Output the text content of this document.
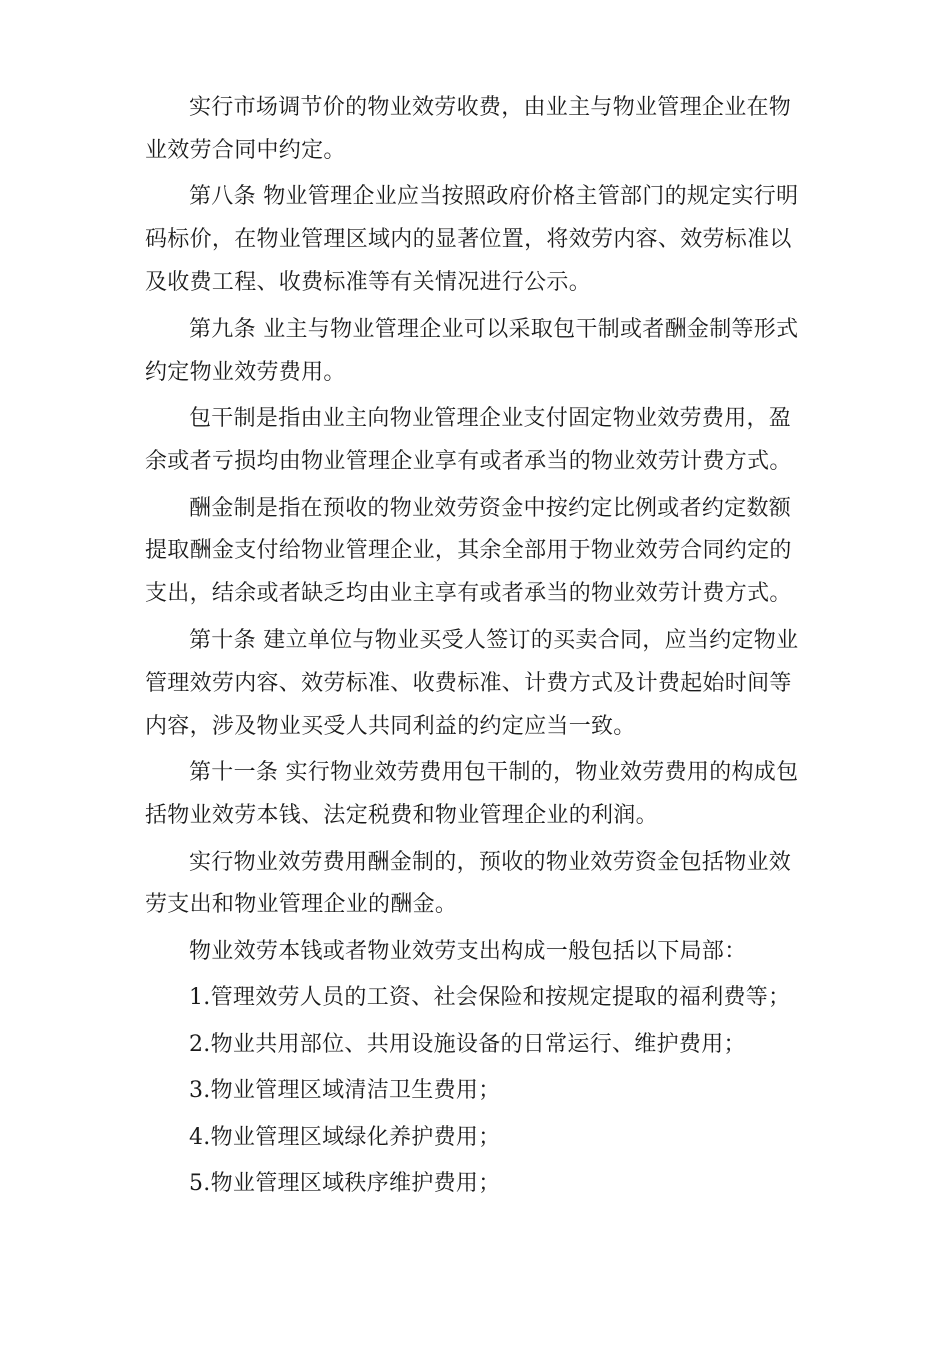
实行市场调节价的物业效劳收费，由业主与物业管理企业在物
业效劳合同中约定。

第八条 物业管理企业应当按照政府价格主管部门的规定实行明
码标价，在物业管理区域内的显著位置，将效劳内容、效劳标准以
及收费工程、收费标准等有关情况进行公示。

第九条 业主与物业管理企业可以采取包干制或者酬金制等形式
约定物业效劳费用。

包干制是指由业主向物业管理企业支付固定物业效劳费用，盈
余或者亏损均由物业管理企业享有或者承当的物业效劳计费方式。

酬金制是指在预收的物业效劳资金中按约定比例或者约定数额
提取酬金支付给物业管理企业，其余全部用于物业效劳合同约定的
支出，结余或者缺乏均由业主享有或者承当的物业效劳计费方式。

第十条 建立单位与物业买受人签订的买卖合同，应当约定物业
管理效劳内容、效劳标准、收费标准、计费方式及计费起始时间等
内容，涉及物业买受人共同利益的约定应当一致。

第十一条 实行物业效劳费用包干制的，物业效劳费用的构成包
括物业效劳本钱、法定税费和物业管理企业的利润。

实行物业效劳费用酬金制的，预收的物业效劳资金包括物业效
劳支出和物业管理企业的酬金。

物业效劳本钱或者物业效劳支出构成一般包括以下局部：

1.管理效劳人员的工资、社会保险和按规定提取的福利费等；
2.物业共用部位、共用设施设备的日常运行、维护费用；
3.物业管理区域清洁卫生费用；
4.物业管理区域绿化养护费用；
5.物业管理区域秩序维护费用；
